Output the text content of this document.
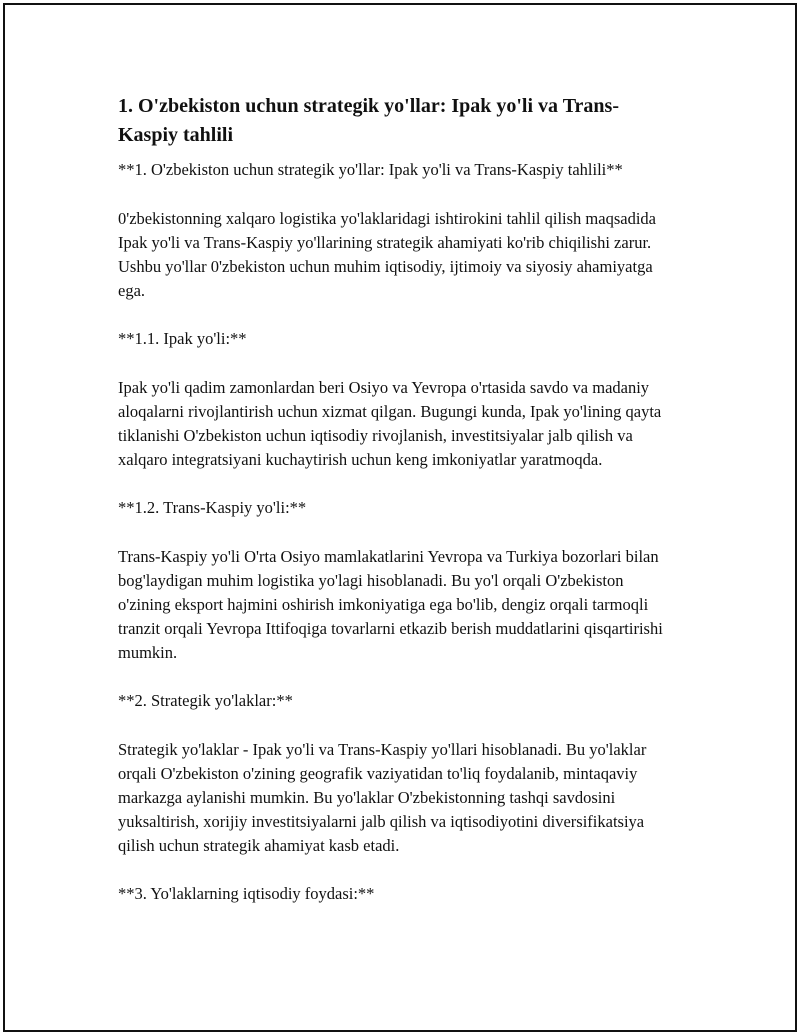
1. O'zbekiston uchun strategik yo'llar: Ipak yo'li va Trans-Kaspiy tahlili

**1. O'zbekiston uchun strategik yo'llar: Ipak yo'li va Trans-Kaspiy tahlili**

0'zbekistonning xalqaro logistika yo'laklaridagi ishtirokini tahlil qilish maqsadida Ipak yo'li va Trans-Kaspiy yo'llarining strategik ahamiyati ko'rib chiqilishi zarur. Ushbu yo'llar 0'zbekiston uchun muhim iqtisodiy, ijtimoiy va siyosiy ahamiyatga ega.

**1.1. Ipak yo'li:**

Ipak yo'li qadim zamonlardan beri Osiyo va Yevropa o'rtasida savdo va madaniy aloqalarni rivojlantirish uchun xizmat qilgan. Bugungi kunda, Ipak yo'lining qayta tiklanishi O'zbekiston uchun iqtisodiy rivojlanish, investitsiyalar jalb qilish va xalqaro integratsiyani kuchaytirish uchun keng imkoniyatlar yaratmoqda.

**1.2. Trans-Kaspiy yo'li:**

Trans-Kaspiy yo'li O'rta Osiyo mamlakatlarini Yevropa va Turkiya bozorlari bilan bog'laydigan muhim logistika yo'lagi hisoblanadi. Bu yo'l orqali O'zbekiston o'zining eksport hajmini oshirish imkoniyatiga ega bo'lib, dengiz orqali tarmoqli tranzit orqali Yevropa Ittifoqiga tovarlarni etkazib berish muddatlarini qisqartirishi mumkin.

**2. Strategik yo'laklar:**

Strategik yo'laklar - Ipak yo'li va Trans-Kaspiy yo'llari hisoblanadi. Bu yo'laklar orqali O'zbekiston o'zining geografik vaziyatidan to'liq foydalanib, mintaqaviy markazga aylanishi mumkin. Bu yo'laklar O'zbekistonning tashqi savdosini yuksaltirish, xorijiy investitsiyalarni jalb qilish va iqtisodiyotini diversifikatsiya qilish uchun strategik ahamiyat kasb etadi.

**3. Yo'laklarning iqtisodiy foydasi:**
